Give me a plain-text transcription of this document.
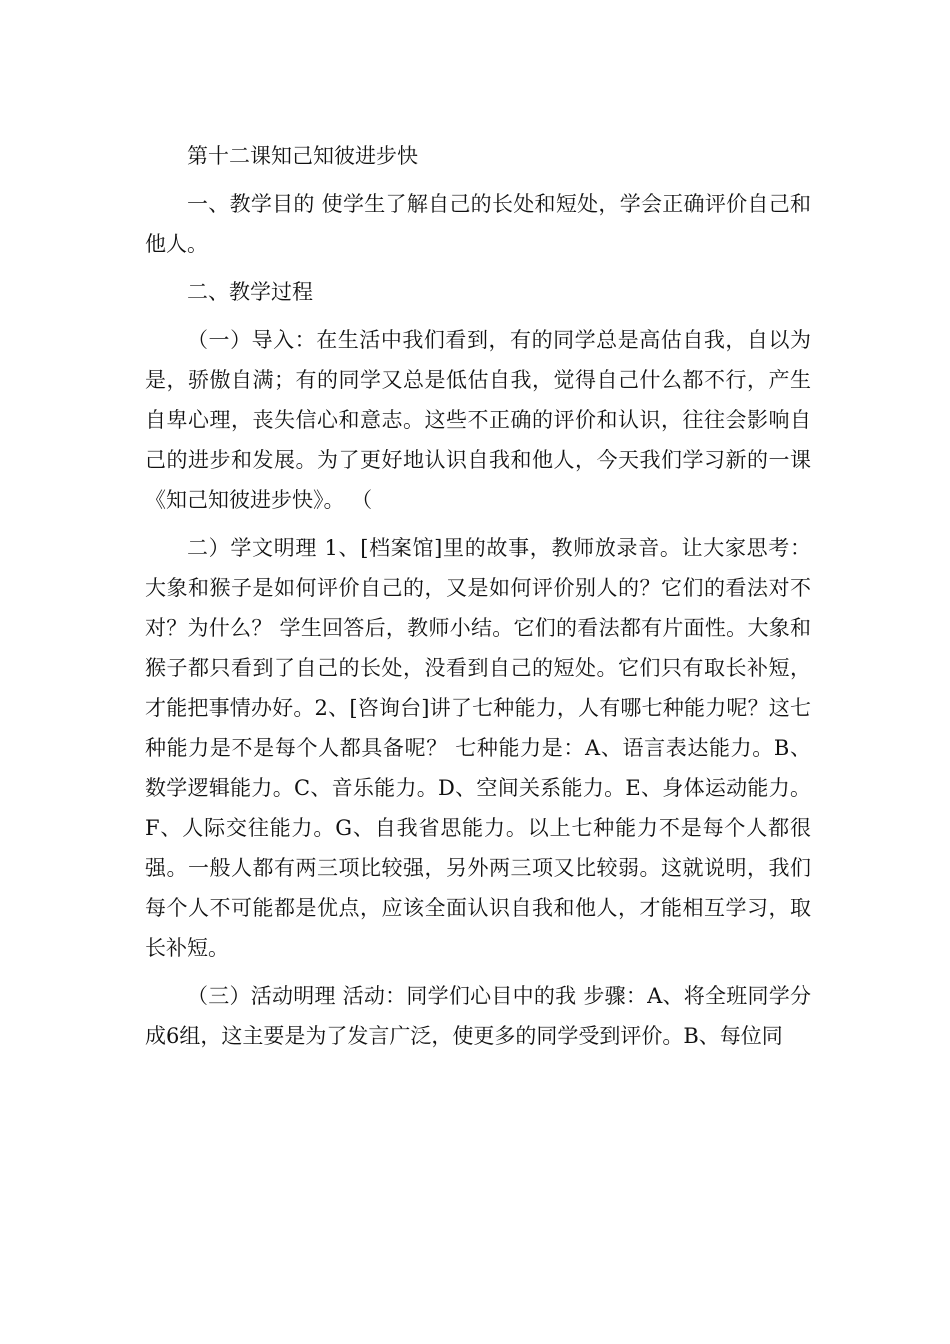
第十二课知己知彼进步快

一、教学目的 使学生了解自己的长处和短处，学会正确评价自己和他人。

二、教学过程

（一）导入：在生活中我们看到，有的同学总是高估自我，自以为是，骄傲自满；有的同学又总是低估自我，觉得自己什么都不行，产生自卑心理，丧失信心和意志。这些不正确的评价和认识，往往会影响自己的进步和发展。为了更好地认识自我和他人，今天我们学习新的一课《知己知彼进步快》。 （

二）学文明理 1、[档案馆]里的故事，教师放录音。让大家思考：大象和猴子是如何评价自己的，又是如何评价别人的？它们的看法对不对？为什么？ 学生回答后，教师小结。它们的看法都有片面性。大象和猴子都只看到了自己的长处，没看到自己的短处。它们只有取长补短，才能把事情办好。2、[咨询台]讲了七种能力，人有哪七种能力呢？这七种能力是不是每个人都具备呢？ 七种能力是：A、语言表达能力。B、数学逻辑能力。C、音乐能力。D、空间关系能力。E、身体运动能力。F、人际交往能力。G、自我省思能力。以上七种能力不是每个人都很强。一般人都有两三项比较强，另外两三项又比较弱。这就说明，我们每个人不可能都是优点，应该全面认识自我和他人，才能相互学习，取长补短。

（三）活动明理 活动：同学们心目中的我 步骤：A、将全班同学分成6组，这主要是为了发言广泛，使更多的同学受到评价。B、每位同
